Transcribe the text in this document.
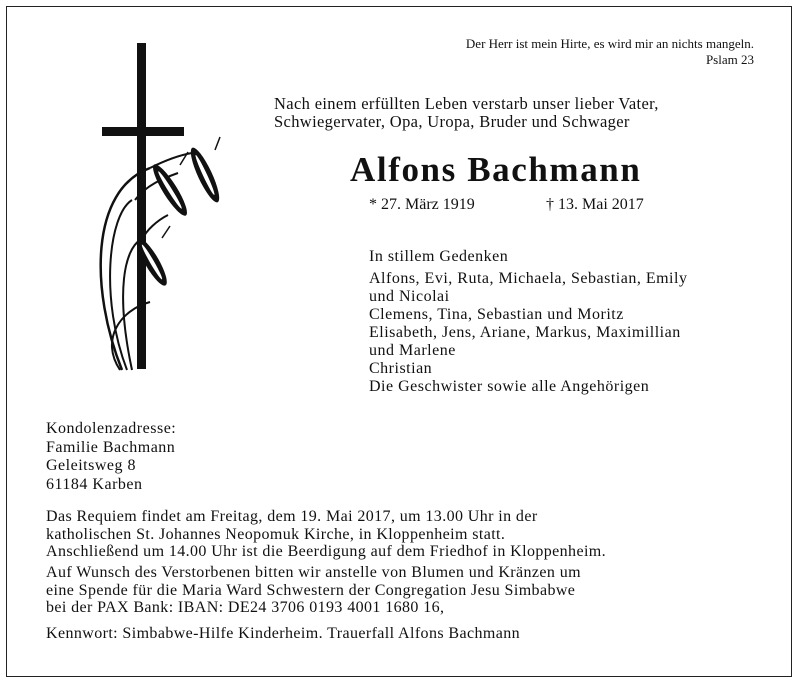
Der Herr ist mein Hirte, es wird mir an nichts mangeln.
Pslam 23
Nach einem erfüllten Leben verstarb unser lieber Vater,
Schwiegervater, Opa, Uropa, Bruder und Schwager
Alfons Bachmann
* 27. März 1919	† 13. Mai 2017
In stillem Gedenken
Alfons, Evi, Ruta, Michaela, Sebastian, Emily
und Nicolai
Clemens, Tina, Sebastian und Moritz
Elisabeth, Jens, Ariane, Markus, Maximillian
und Marlene
Christian
Die Geschwister sowie alle Angehörigen
Kondolenzadresse:
Familie Bachmann
Geleitsweg 8
61184 Karben
Das Requiem findet am Freitag, dem 19. Mai 2017, um 13.00 Uhr in der
katholischen St. Johannes Neopomuk Kirche, in Kloppenheim statt.
Anschließend um 14.00 Uhr ist die Beerdigung auf dem Friedhof in Kloppenheim.
Auf Wunsch des Verstorbenen bitten wir anstelle von Blumen und Kränzen um
eine Spende für die Maria Ward Schwestern der Congregation Jesu Simbabwe
bei der PAX Bank: IBAN: DE24 3706 0193 4001 1680 16,
Kennwort: Simbabwe-Hilfe Kinderheim. Trauerfall Alfons Bachmann
